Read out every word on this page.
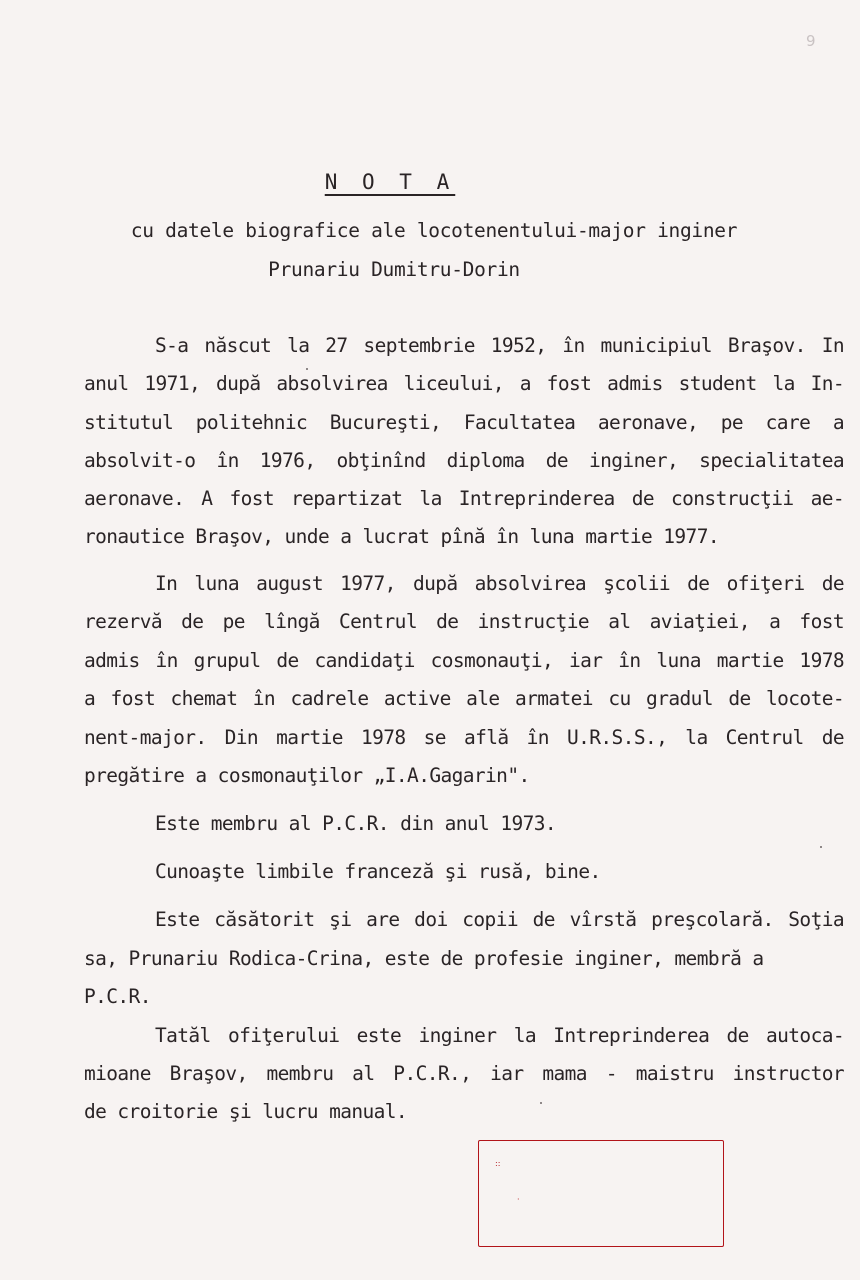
9
N O T A
cu datele biografice ale locotenentului-major inginer
Prunariu Dumitru-Dorin
S-a născut la 27 septembrie 1952, în municipiul Braşov. In
anul 1971, după absolvirea liceului, a fost admis student la In-
stitutul politehnic Bucureşti, Facultatea aeronave, pe care a
absolvit-o în 1976, obţinînd diploma de inginer, specialitatea
aeronave. A fost repartizat la Intreprinderea de construcţii ae-
ronautice Braşov, unde a lucrat pînă în luna martie 1977.
In luna august 1977, după absolvirea şcolii de ofiţeri de
rezervă de pe lîngă Centrul de instrucţie al aviaţiei, a fost
admis în grupul de candidaţi cosmonauţi, iar în luna martie 1978
a fost chemat în cadrele active ale armatei cu gradul de locote-
nent-major. Din martie 1978 se află în U.R.S.S., la Centrul de
pregătire a cosmonauţilor „I.A.Gagarin".
Este membru al P.C.R. din anul 1973.
Cunoaşte limbile franceză şi rusă, bine.
Este căsătorit şi are doi copii de vîrstă preşcolară. Soţia
sa, Prunariu Rodica-Crina, este de profesie inginer, membră a
P.C.R.
Tatăl ofiţerului este inginer la Intreprinderea de autoca-
mioane Braşov, membru al P.C.R., iar mama - maistru instructor
de croitorie şi lucru manual.
::
·
